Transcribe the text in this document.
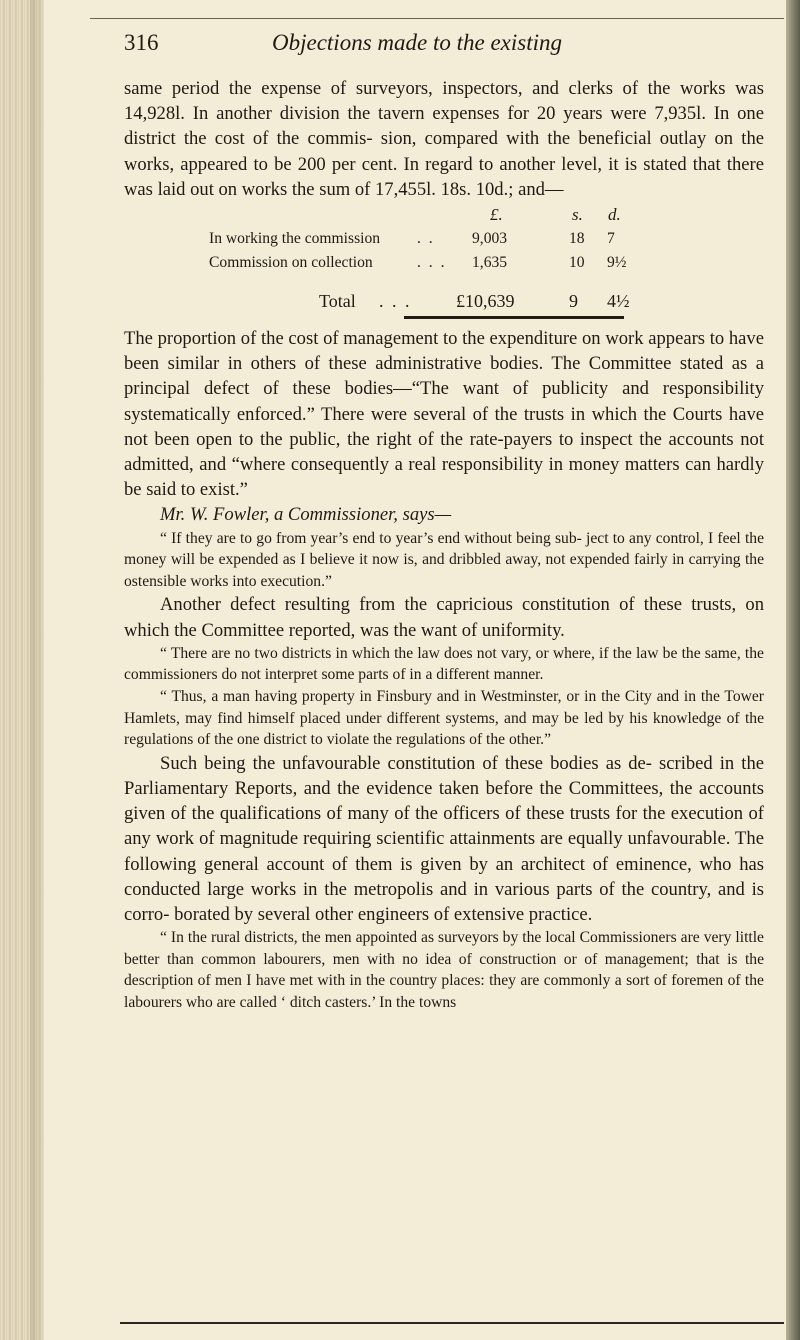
316	Objections made to the existing

same period the expense of surveyors, inspectors, and clerks of the works was 14,928l. In another division the tavern expenses for 20 years were 7,935l. In one district the cost of the commis- sion, compared with the beneficial outlay on the works, appeared to be 200 per cent. In regard to another level, it is stated that there was laid out on works the sum of 17,455l. 18s. 10d.; and—

£.	s. d.
In working the commission . . 9,003	18 7
Commission on collection	. . . 1,635	10 9½
Total . . . £10,639	9 4½

The proportion of the cost of management to the expenditure on work appears to have been similar in others of these administrative bodies. The Committee stated as a principal defect of these bodies—“The want of publicity and responsibility systematically enforced.” There were several of the trusts in which the Courts have not been open to the public, the right of the rate-payers to inspect the accounts not admitted, and “where consequently a real responsibility in money matters can hardly be said to exist.”

Mr. W. Fowler, a Commissioner, says—

“ If they are to go from year’s end to year’s end without being sub- ject to any control, I feel the money will be expended as I believe it now is, and dribbled away, not expended fairly in carrying the ostensible works into execution.”

Another defect resulting from the capricious constitution of these trusts, on which the Committee reported, was the want of uniformity.

“ There are no two districts in which the law does not vary, or where, if the law be the same, the commissioners do not interpret some parts of in a different manner.

“ Thus, a man having property in Finsbury and in Westminster, or in the City and in the Tower Hamlets, may find himself placed under different systems, and may be led by his knowledge of the regulations of the one district to violate the regulations of the other.”

Such being the unfavourable constitution of these bodies as de- scribed in the Parliamentary Reports, and the evidence taken before the Committees, the accounts given of the qualifications of many of the officers of these trusts for the execution of any work of magnitude requiring scientific attainments are equally unfavourable. The following general account of them is given by an architect of eminence, who has conducted large works in the metropolis and in various parts of the country, and is corro- borated by several other engineers of extensive practice.

“ In the rural districts, the men appointed as surveyors by the local Commissioners are very little better than common labourers, men with no idea of construction or of management; that is the description of men I have met with in the country places: they are commonly a sort of foremen of the labourers who are called ‘ ditch casters.’ In the towns
